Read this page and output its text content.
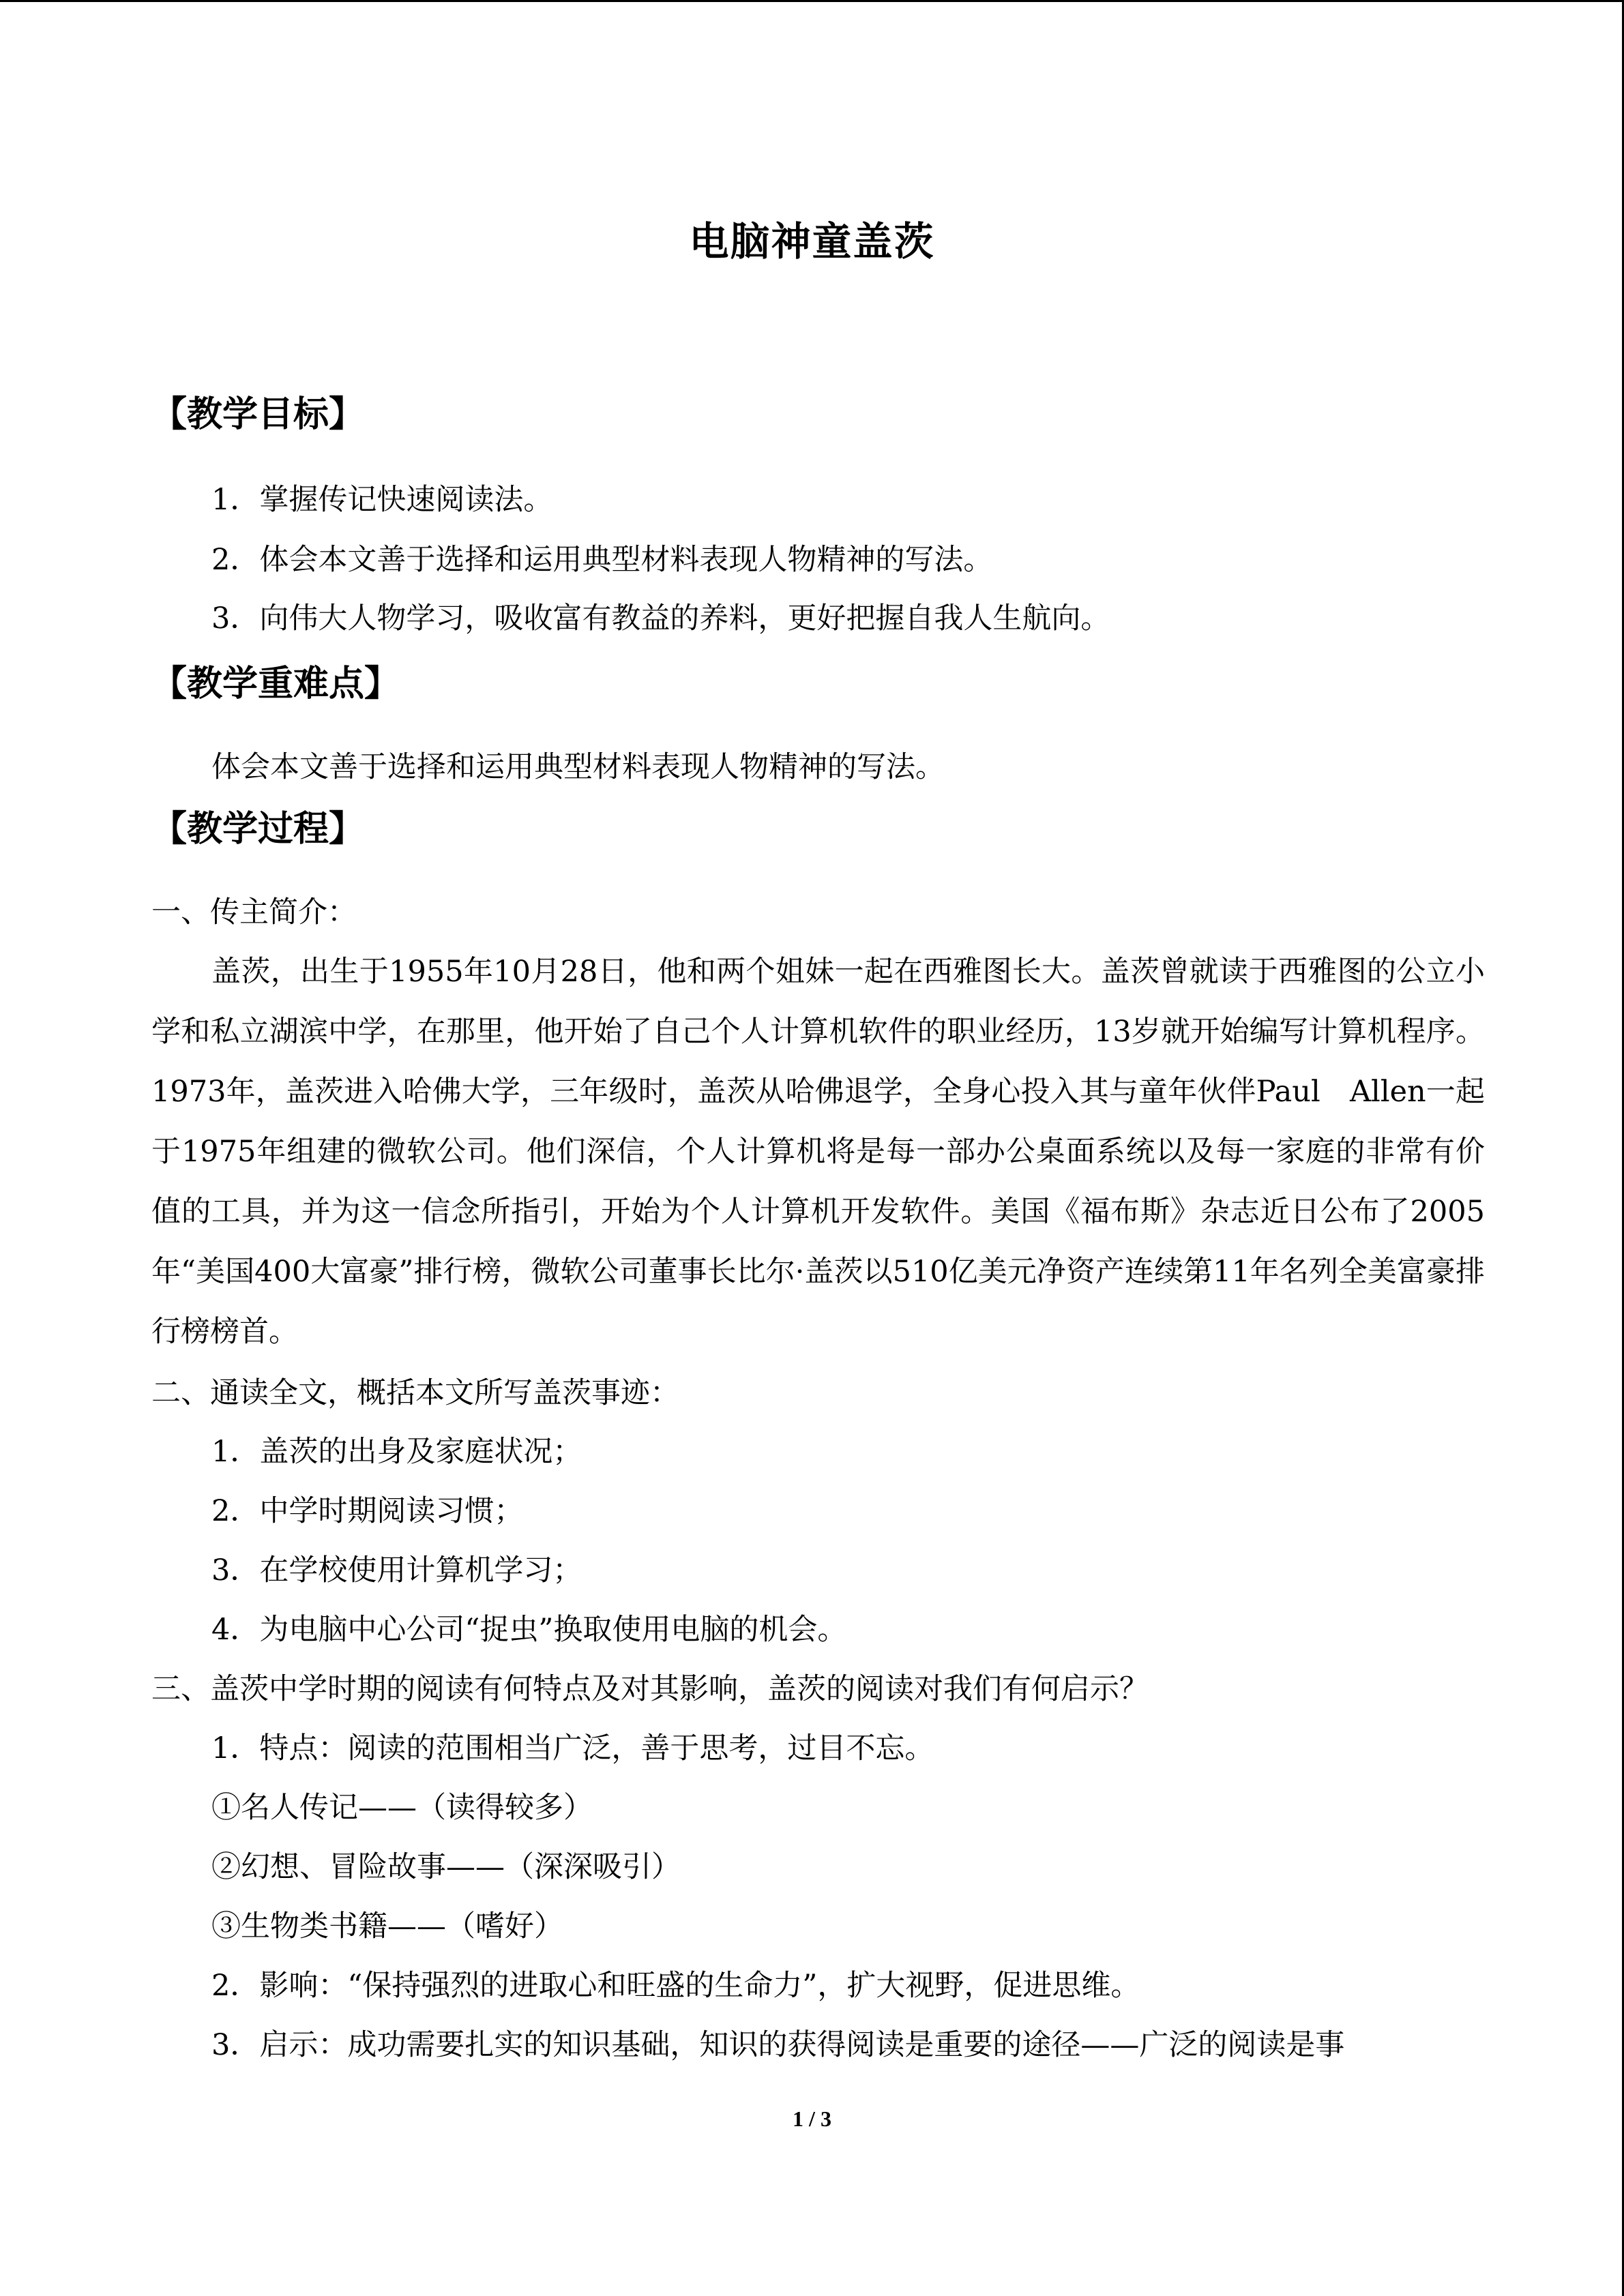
电脑神童盖茨
【教学目标】
1．掌握传记快速阅读法。
2．体会本文善于选择和运用典型材料表现人物精神的写法。
3．向伟大人物学习，吸收富有教益的养料，更好把握自我人生航向。
【教学重难点】
体会本文善于选择和运用典型材料表现人物精神的写法。
【教学过程】
一、传主简介：
盖茨，出生于1955年10月28日，他和两个姐妹一起在西雅图长大。盖茨曾就读于西雅图的公立小学和私立湖滨中学，在那里，他开始了自己个人计算机软件的职业经历，13岁就开始编写计算机程序。1973年，盖茨进入哈佛大学，三年级时，盖茨从哈佛退学，全身心投入其与童年伙伴Paul　Allen一起于1975年组建的微软公司。他们深信，个人计算机将是每一部办公桌面系统以及每一家庭的非常有价值的工具，并为这一信念所指引，开始为个人计算机开发软件。美国《福布斯》杂志近日公布了2005年“美国400大富豪”排行榜，微软公司董事长比尔·盖茨以510亿美元净资产连续第11年名列全美富豪排行榜榜首。
二、通读全文，概括本文所写盖茨事迹：
1．盖茨的出身及家庭状况；
2．中学时期阅读习惯；
3．在学校使用计算机学习；
4．为电脑中心公司“捉虫”换取使用电脑的机会。
三、盖茨中学时期的阅读有何特点及对其影响，盖茨的阅读对我们有何启示？
1．特点：阅读的范围相当广泛，善于思考，过目不忘。
①名人传记——（读得较多）
②幻想、冒险故事——（深深吸引）
③生物类书籍——（嗜好）
2．影响：“保持强烈的进取心和旺盛的生命力”，扩大视野，促进思维。
3．启示：成功需要扎实的知识基础，知识的获得阅读是重要的途径——广泛的阅读是事
1 / 3
